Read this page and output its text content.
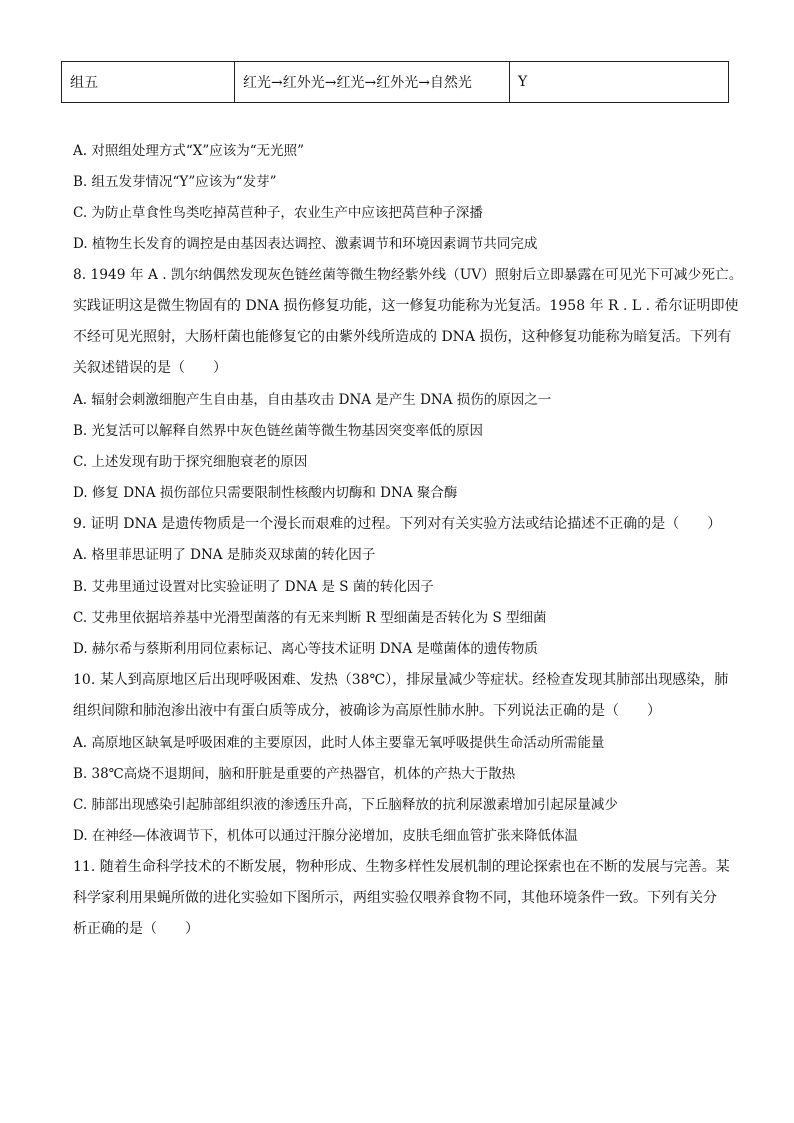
组五	红光→红外光→红光→红外光→自然光	Y
A. 对照组处理方式“X”应该为“无光照”
B. 组五发芽情况“Y”应该为“发芽”
C. 为防止草食性鸟类吃掉莴苣种子，农业生产中应该把莴苣种子深播
D. 植物生长发育的调控是由基因表达调控、激素调节和环境因素调节共同完成
8. 1949 年 A . 凯尔纳偶然发现灰色链丝菌等微生物经紫外线（UV）照射后立即暴露在可见光下可减少死亡。
实践证明这是微生物固有的 DNA 损伤修复功能，这一修复功能称为光复活。1958 年 R . L . 希尔证明即使
不经可见光照射，大肠杆菌也能修复它的由紫外线所造成的 DNA 损伤，这种修复功能称为暗复活。下列有
关叙述错误的是（　　）
A. 辐射会刺激细胞产生自由基，自由基攻击 DNA 是产生 DNA 损伤的原因之一
B. 光复活可以解释自然界中灰色链丝菌等微生物基因突变率低的原因
C. 上述发现有助于探究细胞衰老的原因
D. 修复 DNA 损伤部位只需要限制性核酸内切酶和 DNA 聚合酶
9. 证明 DNA 是遗传物质是一个漫长而艰难的过程。下列对有关实验方法或结论描述不正确的是（　　）
A. 格里菲思证明了 DNA 是肺炎双球菌的转化因子
B. 艾弗里通过设置对比实验证明了 DNA 是 S 菌的转化因子
C. 艾弗里依据培养基中光滑型菌落的有无来判断 R 型细菌是否转化为 S 型细菌
D. 赫尔希与蔡斯利用同位素标记、离心等技术证明 DNA 是噬菌体的遗传物质
10. 某人到高原地区后出现呼吸困难、发热（38℃），排尿量减少等症状。经检查发现其肺部出现感染，肺
组织间隙和肺泡渗出液中有蛋白质等成分，被确诊为高原性肺水肿。下列说法正确的是（　　）
A. 高原地区缺氧是呼吸困难的主要原因，此时人体主要靠无氧呼吸提供生命活动所需能量
B. 38℃高烧不退期间，脑和肝脏是重要的产热器官，机体的产热大于散热
C. 肺部出现感染引起肺部组织液的渗透压升高，下丘脑释放的抗利尿激素增加引起尿量减少
D. 在神经—体液调节下，机体可以通过汗腺分泌增加，皮肤毛细血管扩张来降低体温
11. 随着生命科学技术的不断发展，物种形成、生物多样性发展机制的理论探索也在不断的发展与完善。某
科学家利用果蝇所做的进化实验如下图所示，两组实验仅喂养食物不同，其他环境条件一致。下列有关分
析正确的是（　　）
